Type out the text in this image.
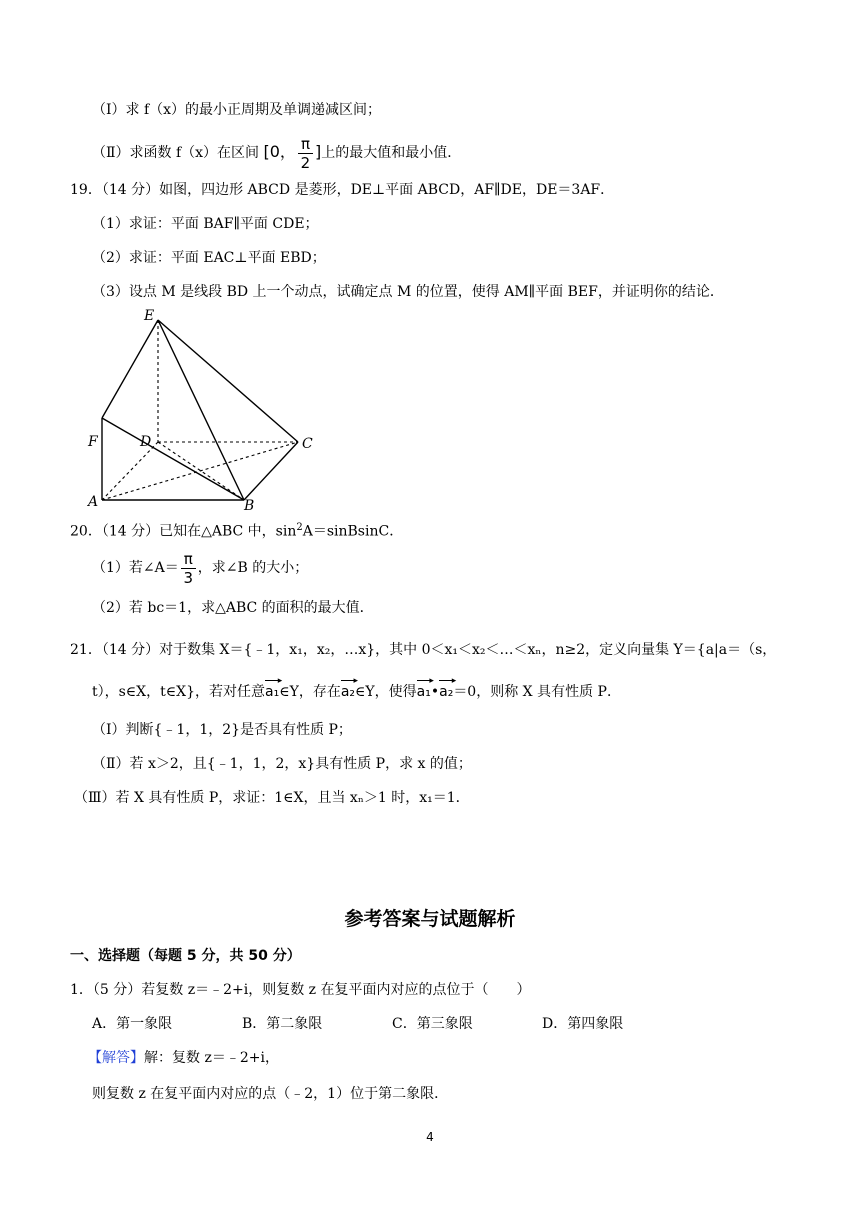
（Ⅰ）求 f（x）的最小正周期及单调递减区间；
（Ⅱ）求函数 f（x）在区间 [0， $\frac{\pi}{2}$ ]上的最大值和最小值．
19．（14 分）如图，四边形 ABCD 是菱形，DE⊥平面 ABCD，AF∥DE，DE＝3AF．
（1）求证：平面 BAF∥平面 CDE；
（2）求证：平面 EAC⊥平面 EBD；
（3）设点 M 是线段 BD 上一个动点，试确定点 M 的位置，使得 AM∥平面 BEF，并证明你的结论．
E
F	D	C
A	B
20．（14 分）已知在△ABC 中，$\sin^2A=sinBsinC$．
（1）若∠A＝ $\frac{\pi}{3}$ ，求∠B 的大小；
（2）若 bc＝1，求△ABC 的面积的最大值．
21．（14 分）对于数集 X＝{﹣1，x₁，x₂，…x}，其中 0＜x₁＜x₂＜…＜xₙ，n≥2，定义向量集 Y＝{a|a＝（s，
t），s∈X，t∈X}，若对任意a₁ ▸∈Y，存在a₂ ▸∈Y，使得a₁ ▸•a₂ ▸＝0，则称 X 具有性质 P．
（Ⅰ）判断{﹣1，1，2}是否具有性质 P；
（Ⅱ）若 x＞2，且{﹣1，1，2，x}具有性质 P，求 x 的值；
（Ⅲ）若 X 具有性质 P，求证：1∈X，且当 xₙ＞1 时，x₁＝1．
参考答案与试题解析
一、选择题（每题 5 分，共 50 分）
1．（5 分）若复数 z＝﹣2+i，则复数 z 在复平面内对应的点位于（　　）
A．第一象限	B．第二象限	C．第三象限	D．第四象限
【解答】解：复数 z＝﹣2+i，
则复数 z 在复平面内对应的点（﹣2，1）位于第二象限．
4
